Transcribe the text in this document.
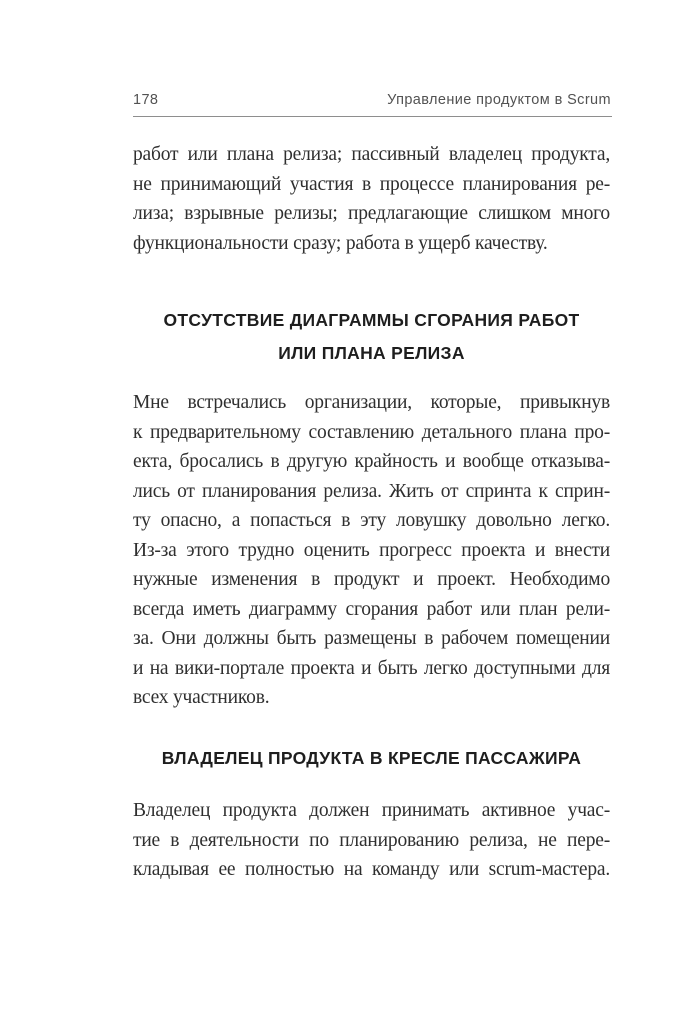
178	Управление продуктом в Scrum
работ или плана релиза; пассивный владелец продукта,
не принимающий участия в процессе планирования ре-
лиза; взрывные релизы; предлагающие слишком много
функциональности сразу; работа в ущерб качеству.
ОТСУТСТВИЕ ДИАГРАММЫ СГОРАНИЯ РАБОТ
ИЛИ ПЛАНА РЕЛИЗА
Мне встречались организации, которые, привыкнув
к предварительному составлению детального плана про-
екта, бросались в другую крайность и вообще отказыва-
лись от планирования релиза. Жить от спринта к сприн-
ту опасно, а попасться в эту ловушку довольно легко.
Из-за этого трудно оценить прогресс проекта и внести
нужные изменения в продукт и проект. Необходимо
всегда иметь диаграмму сгорания работ или план рели-
за. Они должны быть размещены в рабочем помещении
и на вики-портале проекта и быть легко доступными для
всех участников.
ВЛАДЕЛЕЦ ПРОДУКТА В КРЕСЛЕ ПАССАЖИРА
Владелец продукта должен принимать активное учас-
тие в деятельности по планированию релиза, не пере-
кладывая ее полностью на команду или scrum-мастера.
